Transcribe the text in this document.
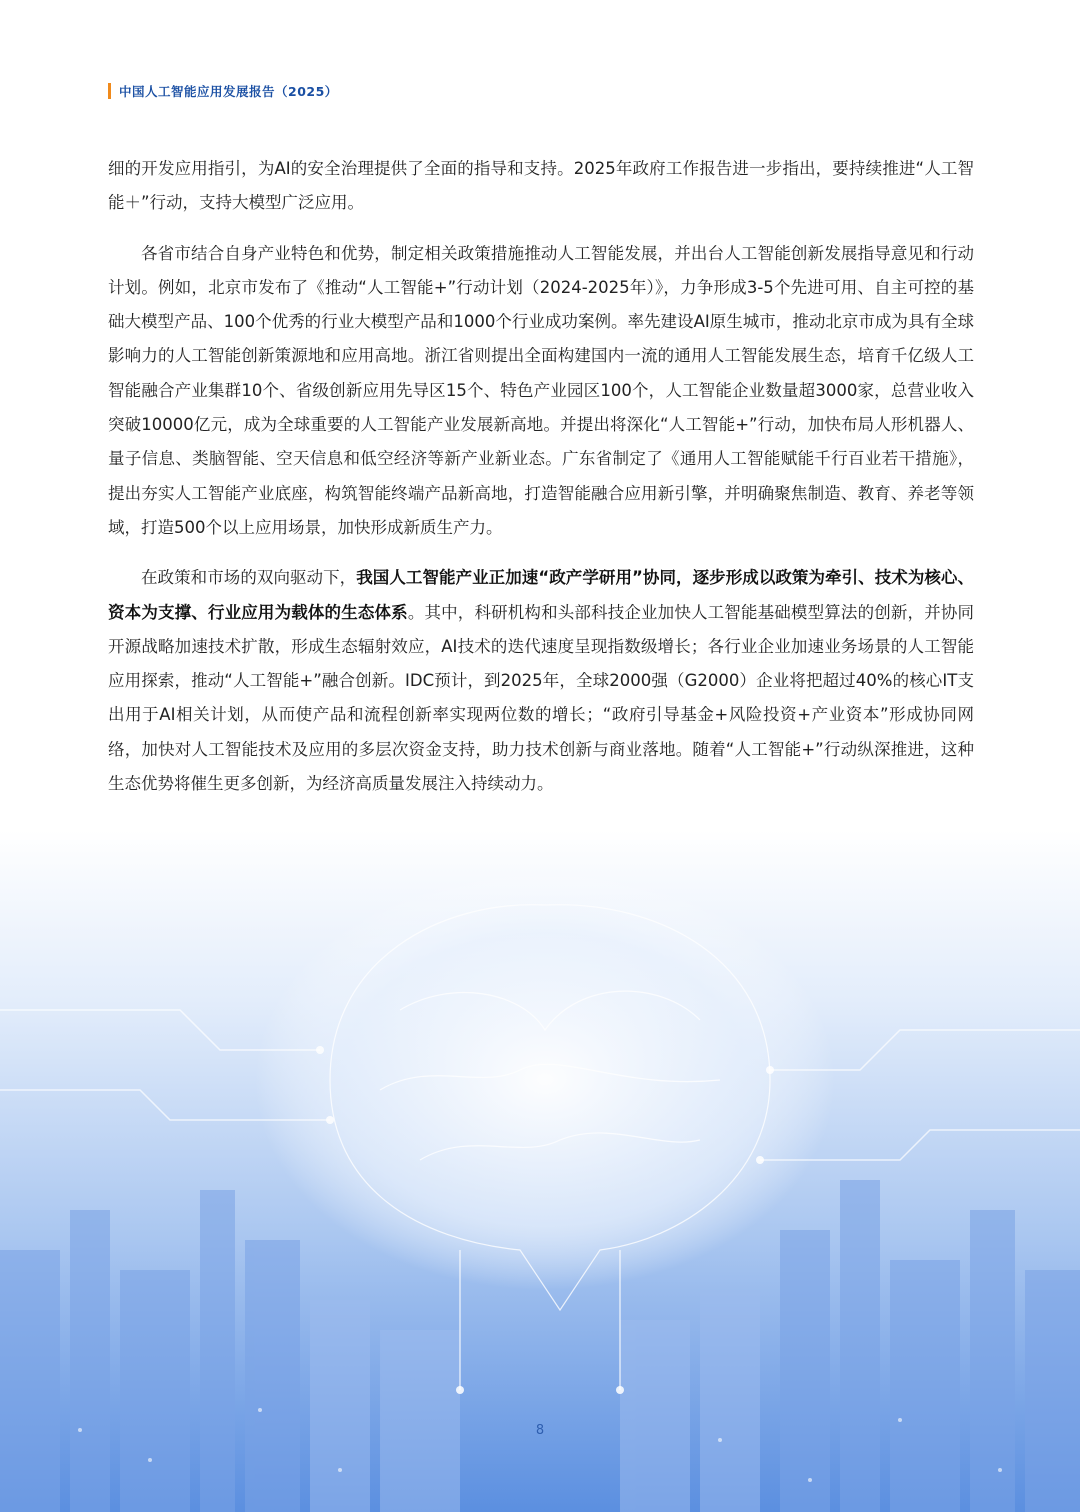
中国人工智能应用发展报告（2025）

细的开发应用指引，为AI的安全治理提供了全面的指导和支持。2025年政府工作报告进一步指出，要持续推进“人工智能＋”行动，支持大模型广泛应用。

各省市结合自身产业特色和优势，制定相关政策措施推动人工智能发展，并出台人工智能创新发展指导意见和行动计划。例如，北京市发布了《推动“人工智能+”行动计划（2024-2025年）》，力争形成3-5个先进可用、自主可控的基础大模型产品、100个优秀的行业大模型产品和1000个行业成功案例。率先建设AI原生城市，推动北京市成为具有全球影响力的人工智能创新策源地和应用高地。浙江省则提出全面构建国内一流的通用人工智能发展生态，培育千亿级人工智能融合产业集群10个、省级创新应用先导区15个、特色产业园区100个，人工智能企业数量超3000家，总营业收入突破10000亿元，成为全球重要的人工智能产业发展新高地。并提出将深化“人工智能+”行动，加快布局人形机器人、量子信息、类脑智能、空天信息和低空经济等新产业新业态。广东省制定了《通用人工智能赋能千行百业若干措施》，提出夯实人工智能产业底座，构筑智能终端产品新高地，打造智能融合应用新引擎，并明确聚焦制造、教育、养老等领域，打造500个以上应用场景，加快形成新质生产力。

在政策和市场的双向驱动下，我国人工智能产业正加速“政产学研用”协同，逐步形成以政策为牵引、技术为核心、资本为支撑、行业应用为载体的生态体系。其中，科研机构和头部科技企业加快人工智能基础模型算法的创新，并协同开源战略加速技术扩散，形成生态辐射效应，AI技术的迭代速度呈现指数级增长；各行业企业加速业务场景的人工智能应用探索，推动“人工智能+”融合创新。IDC预计，到2025年，全球2000强（G2000）企业将把超过40%的核心IT支出用于AI相关计划，从而使产品和流程创新率实现两位数的增长；“政府引导基金+风险投资+产业资本”形成协同网络，加快对人工智能技术及应用的多层次资金支持，助力技术创新与商业落地。随着“人工智能+”行动纵深推进，这种生态优势将催生更多创新，为经济高质量发展注入持续动力。

8
